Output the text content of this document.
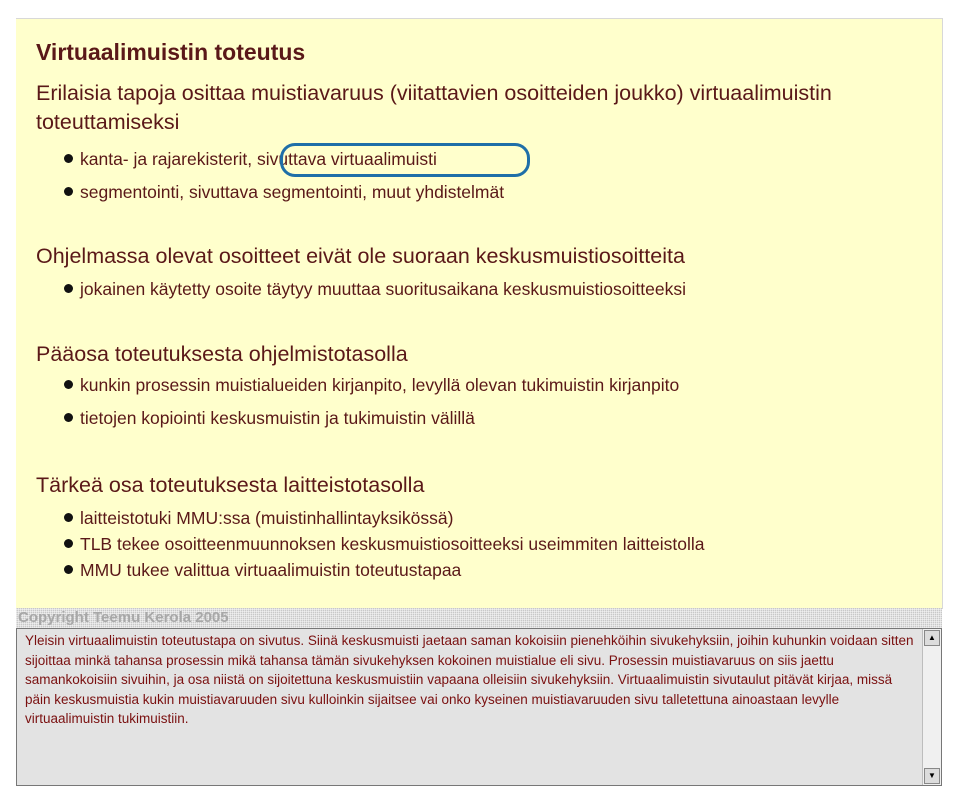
Virtuaalimuistin toteutus
Erilaisia tapoja osittaa muistiavaruus (viitattavien osoitteiden joukko) virtuaalimuistin toteuttamiseksi

kanta- ja rajarekisterit, sivuttava virtuaalimuisti

segmentointi, sivuttava segmentointi, muut yhdistelmät

Ohjelmassa olevat osoitteet eivät ole suoraan keskusmuistiosoitteita

jokainen käytetty osoite täytyy muuttaa suoritusaikana keskusmuistiosoitteeksi

Pääosa toteutuksesta ohjelmistotasolla

kunkin prosessin muistialueiden kirjanpito, levyllä olevan tukimuistin kirjanpito

tietojen kopiointi keskusmuistin ja tukimuistin välillä

Tärkeä osa toteutuksesta laitteistotasolla

laitteistotuki MMU:ssa (muistinhallintayksikössä)

TLB tekee osoitteenmuunnoksen keskusmuistiosoitteeksi useimmiten laitteistolla

MMU tukee valittua virtuaalimuistin toteutustapaa

Copyright Teemu Kerola 2005

Yleisin virtuaalimuistin toteutustapa on sivutus. Siinä keskusmuisti jaetaan saman kokoisiin pienehköihin sivukehyksiin, joihin kuhunkin voidaan sitten sijoittaa minkä tahansa prosessin mikä tahansa tämän sivukehyksen kokoinen muistialue eli sivu. Prosessin muistiavaruus on siis jaettu samankokoisiin sivuihin, ja osa niistä on sijoitettuna keskusmuistiin vapaana olleisiin sivukehyksiin. Virtuaalimuistin sivutaulut pitävät kirjaa, missä päin keskusmuistia kukin muistiavaruuden sivu kulloinkin sijaitsee vai onko kyseinen muistiavaruuden sivu talletettuna ainoastaan levylle virtuaalimuistin tukimuistiin.

▲
▼
